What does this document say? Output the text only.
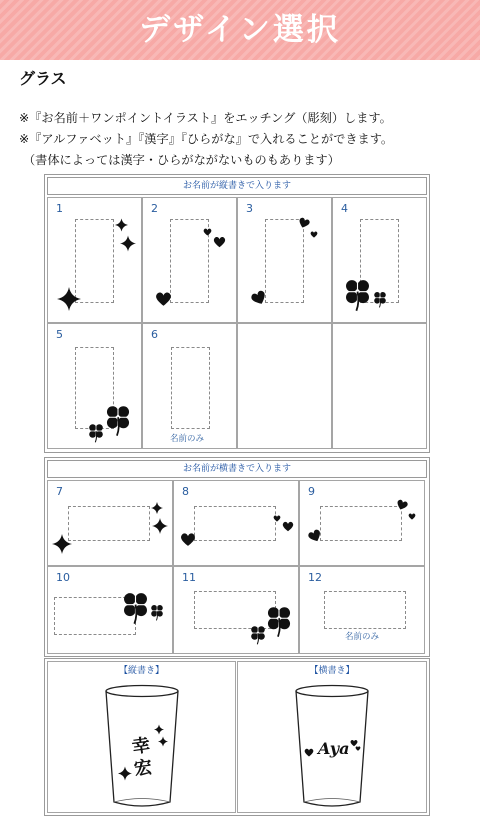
デザイン選択
グラス
※『お名前＋ワンポイントイラスト』をエッチング（彫刻）します。
※『アルファベット』『漢字』『ひらがな』で入れることができます。
（書体によっては漢字・ひらがながないものもあります）
お名前が縦書きで入ります
1	2	3	4
5	6
名前のみ
お名前が横書きで入ります
7	8	9
10	11	12
名前のみ
【縦書き】
幸
宏
【横書き】
Aya
